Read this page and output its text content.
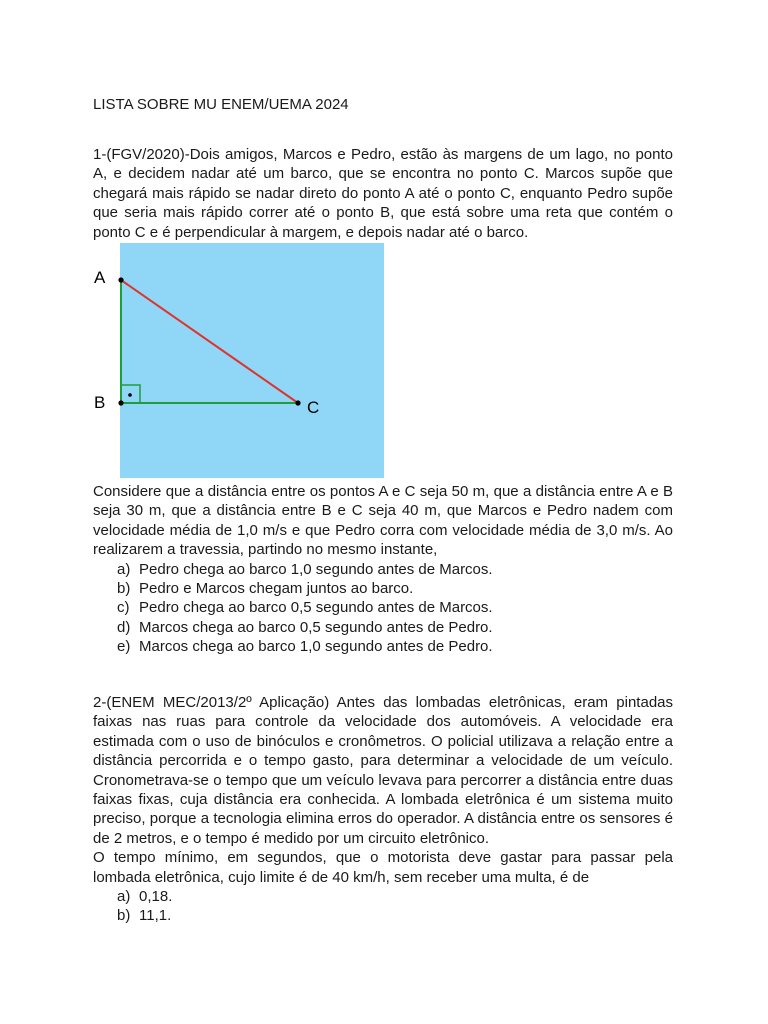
LISTA SOBRE MU ENEM/UEMA 2024

1-(FGV/2020)-Dois amigos, Marcos e Pedro, estão às margens de um lago, no ponto A, e decidem nadar até um barco, que se encontra no ponto C. Marcos supõe que chegará mais rápido se nadar direto do ponto A até o ponto C, enquanto Pedro supõe que seria mais rápido correr até o ponto B, que está sobre uma reta que contém o ponto C e é perpendicular à margem, e depois nadar até o barco.

A
B	C

Considere que a distância entre os pontos A e C seja 50 m, que a distância entre A e B seja 30 m, que a distância entre B e C seja 40 m, que Marcos e Pedro nadem com velocidade média de 1,0 m/s e que Pedro corra com velocidade média de 3,0 m/s. Ao realizarem a travessia, partindo no mesmo instante,

a) Pedro chega ao barco 1,0 segundo antes de Marcos.
b) Pedro e Marcos chegam juntos ao barco.
c) Pedro chega ao barco 0,5 segundo antes de Marcos.
d) Marcos chega ao barco 0,5 segundo antes de Pedro.
e) Marcos chega ao barco 1,0 segundo antes de Pedro.

2-(ENEM MEC/2013/2º Aplicação) Antes das lombadas eletrônicas, eram pintadas faixas nas ruas para controle da velocidade dos automóveis. A velocidade era estimada com o uso de binóculos e cronômetros. O policial utilizava a relação entre a distância percorrida e o tempo gasto, para determinar a velocidade de um veículo. Cronometrava-se o tempo que um veículo levava para percorrer a distância entre duas faixas fixas, cuja distância era conhecida. A lombada eletrônica é um sistema muito preciso, porque a tecnologia elimina erros do operador. A distância entre os sensores é de 2 metros, e o tempo é medido por um circuito eletrônico.

O tempo mínimo, em segundos, que o motorista deve gastar para passar pela lombada eletrônica, cujo limite é de 40 km/h, sem receber uma multa, é de

a) 0,18.
b) 11,1.
